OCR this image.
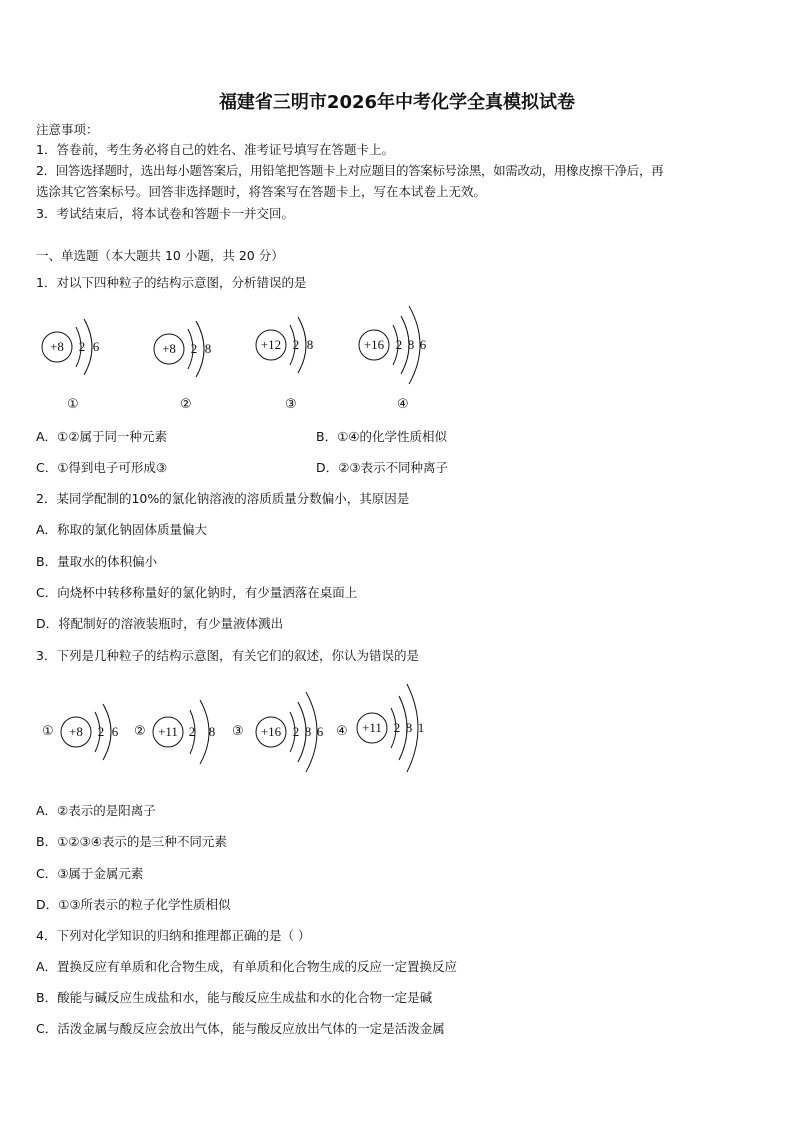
福建省三明市2026年中考化学全真模拟试卷
注意事项：
1．答卷前，考生务必将自己的姓名、准考证号填写在答题卡上。
2．回答选择题时，选出每小题答案后，用铅笔把答题卡上对应题目的答案标号涂黑，如需改动，用橡皮擦干净后，再
选涂其它答案标号。回答非选择题时，将答案写在答题卡上，写在本试卷上无效。
3．考试结束后，将本试卷和答题卡一并交回。
一、单选题（本大题共 10 小题，共 20 分）
1．对以下四种粒子的结构示意图，分析错误的是
+8 2 6	+8 2 8	+12 2 8	+16 2 8 6
①	②	③	④
A．①②属于同一种元素	B．①④的化学性质相似
C．①得到电子可形成③	D．②③表示不同种离子
2．某同学配制的10%的氯化钠溶液的溶质质量分数偏小，其原因是
A．称取的氯化钠固体质量偏大
B．量取水的体积偏小
C．向烧杯中转移称量好的氯化钠时，有少量洒落在桌面上
D．将配制好的溶液装瓶时，有少量液体溅出
3．下列是几种粒子的结构示意图，有关它们的叙述，你认为错误的是
① +8 2 6 ② +11 2 8 ③ +16 2 8 6 ④ +11 2 8 1
A．②表示的是阳离子
B．①②③④表示的是三种不同元素
C．③属于金属元素
D．①③所表示的粒子化学性质相似
4．下列对化学知识的归纳和推理都正确的是（ ）
A．置换反应有单质和化合物生成，有单质和化合物生成的反应一定置换反应
B．酸能与碱反应生成盐和水，能与酸反应生成盐和水的化合物一定是碱
C．活泼金属与酸反应会放出气体，能与酸反应放出气体的一定是活泼金属
